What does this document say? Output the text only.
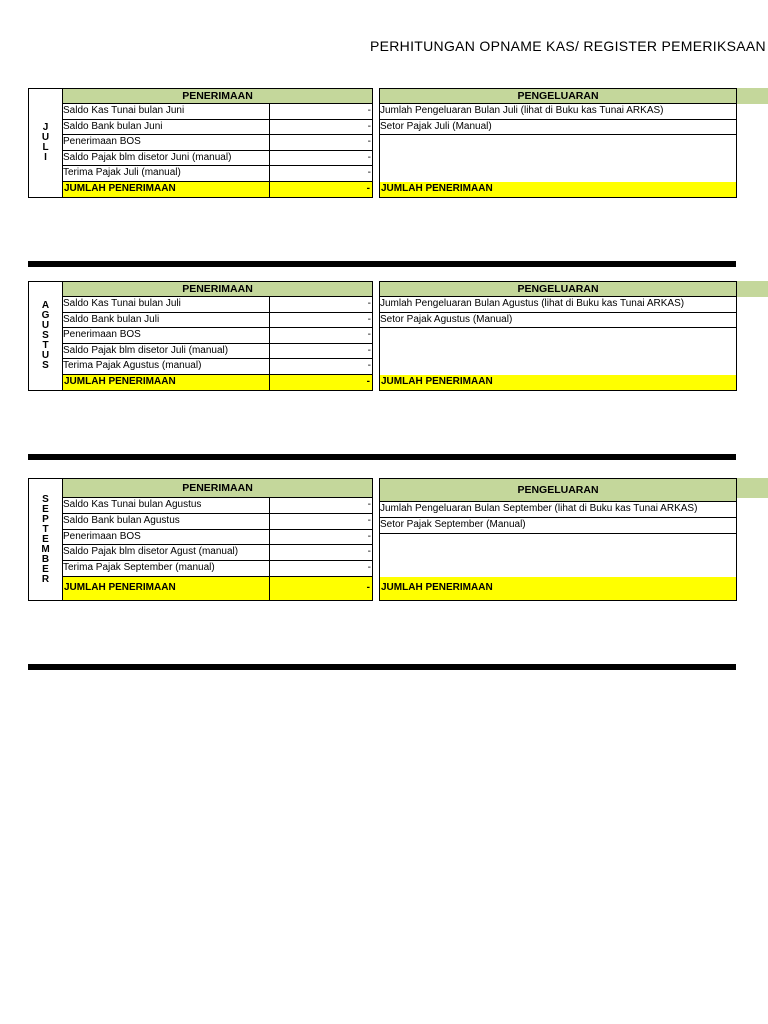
PERHITUNGAN OPNAME KAS/ REGISTER PEMERIKSAAN
J
U
L
I
PENERIMAAN
Saldo Kas Tunai bulan Juni	-
Saldo Bank bulan Juni	-
Penerimaan BOS	-
Saldo Pajak blm disetor Juni (manual)	-
Terima Pajak Juli (manual)	-
JUMLAH PENERIMAAN	-
PENGELUARAN
Jumlah Pengeluaran Bulan Juli (lihat di Buku kas Tunai ARKAS)
Setor Pajak Juli (Manual)
JUMLAH PENERIMAAN
A
G
U
S
T
U
S
PENERIMAAN
Saldo Kas Tunai bulan Juli	-
Saldo Bank bulan Juli	-
Penerimaan BOS	-
Saldo Pajak blm disetor Juli (manual)	-
Terima Pajak Agustus (manual)	-
JUMLAH PENERIMAAN	-
PENGELUARAN
Jumlah Pengeluaran Bulan Agustus (lihat di Buku kas Tunai ARKAS)
Setor Pajak Agustus (Manual)
JUMLAH PENERIMAAN
S
E
P
T
E
M
B
E
R
PENERIMAAN
Saldo Kas Tunai bulan Agustus	-
Saldo Bank bulan Agustus	-
Penerimaan BOS	-
Saldo Pajak blm disetor Agust (manual)	-
Terima Pajak September (manual)	-
JUMLAH PENERIMAAN	-
PENGELUARAN
Jumlah Pengeluaran Bulan September (lihat di Buku kas Tunai ARKAS)
Setor Pajak September (Manual)
JUMLAH PENERIMAAN
